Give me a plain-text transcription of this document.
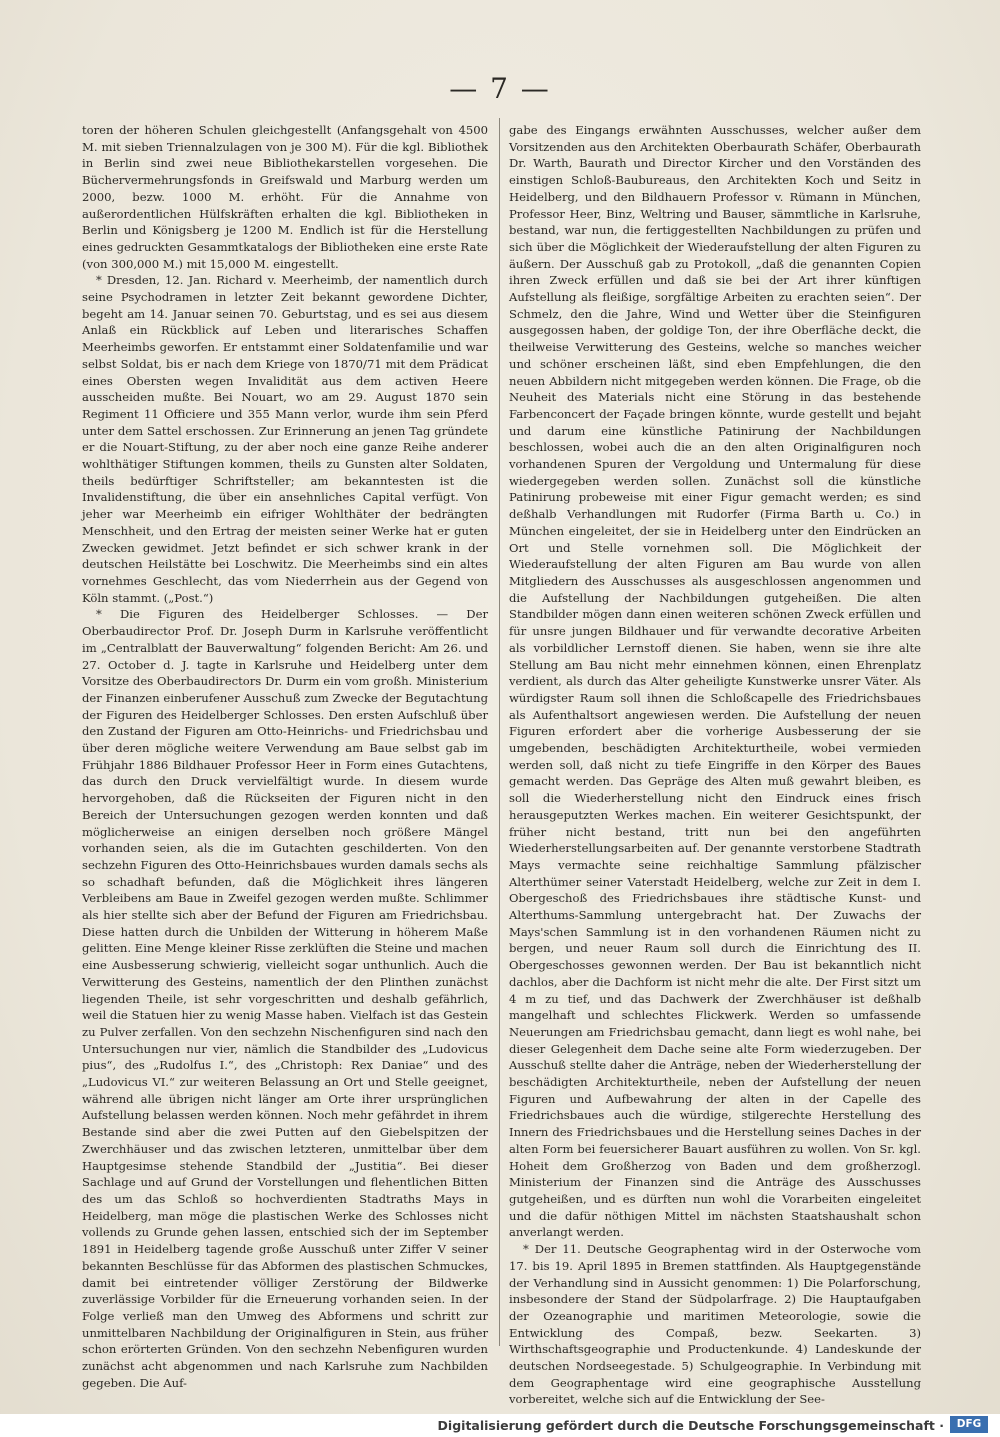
— 7 —

toren der höheren Schulen gleichgestellt (Anfangsgehalt von 4500 M. mit sieben Triennalzulagen von je 300 M). Für die kgl. Bibliothek in Berlin sind zwei neue Bibliothekarstellen vorgesehen. Die Büchervermehrungsfonds in Greifswald und Marburg werden um 2000, bezw. 1000 M. erhöht. Für die Annahme von außerordentlichen Hülfskräften erhalten die kgl. Bibliotheken in Berlin und Königsberg je 1200 M. Endlich ist für die Herstellung eines gedruckten Gesammtkatalogs der Bibliotheken eine erste Rate (von 300,000 M.) mit 15,000 M. eingestellt.

* Dresden, 12. Jan. Richard v. Meerheimb, der namentlich durch seine Psychodramen in letzter Zeit bekannt gewordene Dichter, begeht am 14. Januar seinen 70. Geburtstag, und es sei aus diesem Anlaß ein Rückblick auf Leben und literarisches Schaffen Meerheimbs geworfen. Er entstammt einer Soldatenfamilie und war selbst Soldat, bis er nach dem Kriege von 1870/71 mit dem Prädicat eines Obersten wegen Invalidität aus dem activen Heere ausscheiden mußte. Bei Nouart, wo am 29. August 1870 sein Regiment 11 Officiere und 355 Mann verlor, wurde ihm sein Pferd unter dem Sattel erschossen. Zur Erinnerung an jenen Tag gründete er die Nouart-Stiftung, zu der aber noch eine ganze Reihe anderer wohlthätiger Stiftungen kommen, theils zu Gunsten alter Soldaten, theils bedürftiger Schriftsteller; am bekanntesten ist die Invalidenstiftung, die über ein ansehnliches Capital verfügt. Von jeher war Meerheimb ein eifriger Wohlthäter der bedrängten Menschheit, und den Ertrag der meisten seiner Werke hat er guten Zwecken gewidmet. Jetzt befindet er sich schwer krank in der deutschen Heilstätte bei Loschwitz. Die Meerheimbs sind ein altes vornehmes Geschlecht, das vom Niederrhein aus der Gegend von Köln stammt. („Post.“)

* Die Figuren des Heidelberger Schlosses. — Der Oberbaudirector Prof. Dr. Joseph Durm in Karlsruhe veröffentlicht im „Centralblatt der Bauverwaltung“ folgenden Bericht: Am 26. und 27. October d. J. tagte in Karlsruhe und Heidelberg unter dem Vorsitze des Oberbaudirectors Dr. Durm ein vom großh. Ministerium der Finanzen einberufener Ausschuß zum Zwecke der Begutachtung der Figuren des Heidelberger Schlosses. Den ersten Aufschluß über den Zustand der Figuren am Otto-Heinrichs- und Friedrichsbau und über deren mögliche weitere Verwendung am Baue selbst gab im Frühjahr 1886 Bildhauer Professor Heer in Form eines Gutachtens, das durch den Druck vervielfältigt wurde. In diesem wurde hervorgehoben, daß die Rückseiten der Figuren nicht in den Bereich der Untersuchungen gezogen werden konnten und daß möglicherweise an einigen derselben noch größere Mängel vorhanden seien, als die im Gutachten geschilderten. Von den sechzehn Figuren des Otto-Heinrichsbaues wurden damals sechs als so schadhaft befunden, daß die Möglichkeit ihres längeren Verbleibens am Baue in Zweifel gezogen werden mußte. Schlimmer als hier stellte sich aber der Befund der Figuren am Friedrichsbau. Diese hatten durch die Unbilden der Witterung in höherem Maße gelitten. Eine Menge kleiner Risse zerklüften die Steine und machen eine Ausbesserung schwierig, vielleicht sogar unthunlich. Auch die Verwitterung des Gesteins, namentlich der den Plinthen zunächst liegenden Theile, ist sehr vorgeschritten und deshalb gefährlich, weil die Statuen hier zu wenig Masse haben. Vielfach ist das Gestein zu Pulver zerfallen. Von den sechzehn Nischenfiguren sind nach den Untersuchungen nur vier, nämlich die Standbilder des „Ludovicus pius“, des „Rudolfus I.“, des „Christoph: Rex Daniae“ und des „Ludovicus VI.“ zur weiteren Belassung an Ort und Stelle geeignet, während alle übrigen nicht länger am Orte ihrer ursprünglichen Aufstellung belassen werden können. Noch mehr gefährdet in ihrem Bestande sind aber die zwei Putten auf den Giebelspitzen der Zwerchhäuser und das zwischen letzteren, unmittelbar über dem Hauptgesimse stehende Standbild der „Justitia“. Bei dieser Sachlage und auf Grund der Vorstellungen und flehentlichen Bitten des um das Schloß so hochverdienten Stadtraths Mays in Heidelberg, man möge die plastischen Werke des Schlosses nicht vollends zu Grunde gehen lassen, entschied sich der im September 1891 in Heidelberg tagende große Ausschuß unter Ziffer V seiner bekannten Beschlüsse für das Abformen des plastischen Schmuckes, damit bei eintretender völliger Zerstörung der Bildwerke zuverlässige Vorbilder für die Erneuerung vorhanden seien. In der Folge verließ man den Umweg des Abformens und schritt zur unmittelbaren Nachbildung der Originalfiguren in Stein, aus früher schon erörterten Gründen. Von den sechzehn Nebenfiguren wurden zunächst acht abgenommen und nach Karlsruhe zum Nachbilden gegeben. Die Auf-

gabe des Eingangs erwähnten Ausschusses, welcher außer dem Vorsitzenden aus den Architekten Oberbaurath Schäfer, Oberbaurath Dr. Warth, Baurath und Director Kircher und den Vorständen des einstigen Schloß-Baubureaus, den Architekten Koch und Seitz in Heidelberg, und den Bildhauern Professor v. Rümann in München, Professor Heer, Binz, Weltring und Bauser, sämmtliche in Karlsruhe, bestand, war nun, die fertiggestellten Nachbildungen zu prüfen und sich über die Möglichkeit der Wiederaufstellung der alten Figuren zu äußern. Der Ausschuß gab zu Protokoll, „daß die genannten Copien ihren Zweck erfüllen und daß sie bei der Art ihrer künftigen Aufstellung als fleißige, sorgfältige Arbeiten zu erachten seien“. Der Schmelz, den die Jahre, Wind und Wetter über die Steinfiguren ausgegossen haben, der goldige Ton, der ihre Oberfläche deckt, die theilweise Verwitterung des Gesteins, welche so manches weicher und schöner erscheinen läßt, sind eben Empfehlungen, die den neuen Abbildern nicht mitgegeben werden können. Die Frage, ob die Neuheit des Materials nicht eine Störung in das bestehende Farbenconcert der Façade bringen könnte, wurde gestellt und bejaht und darum eine künstliche Patinirung der Nachbildungen beschlossen, wobei auch die an den alten Originalfiguren noch vorhandenen Spuren der Vergoldung und Untermalung für diese wiedergegeben werden sollen. Zunächst soll die künstliche Patinirung probeweise mit einer Figur gemacht werden; es sind deßhalb Verhandlungen mit Rudorfer (Firma Barth u. Co.) in München eingeleitet, der sie in Heidelberg unter den Eindrücken an Ort und Stelle vornehmen soll. Die Möglichkeit der Wiederaufstellung der alten Figuren am Bau wurde von allen Mitgliedern des Ausschusses als ausgeschlossen angenommen und die Aufstellung der Nachbildungen gutgeheißen. Die alten Standbilder mögen dann einen weiteren schönen Zweck erfüllen und für unsre jungen Bildhauer und für verwandte decorative Arbeiten als vorbildlicher Lernstoff dienen. Sie haben, wenn sie ihre alte Stellung am Bau nicht mehr einnehmen können, einen Ehrenplatz verdient, als durch das Alter geheiligte Kunstwerke unsrer Väter. Als würdigster Raum soll ihnen die Schloßcapelle des Friedrichsbaues als Aufenthaltsort angewiesen werden. Die Aufstellung der neuen Figuren erfordert aber die vorherige Ausbesserung der sie umgebenden, beschädigten Architekturtheile, wobei vermieden werden soll, daß nicht zu tiefe Eingriffe in den Körper des Baues gemacht werden. Das Gepräge des Alten muß gewahrt bleiben, es soll die Wiederherstellung nicht den Eindruck eines frisch herausgeputzten Werkes machen. Ein weiterer Gesichtspunkt, der früher nicht bestand, tritt nun bei den angeführten Wiederherstellungsarbeiten auf. Der genannte verstorbene Stadtrath Mays vermachte seine reichhaltige Sammlung pfälzischer Alterthümer seiner Vaterstadt Heidelberg, welche zur Zeit in dem I. Obergeschoß des Friedrichsbaues ihre städtische Kunst- und Alterthums-Sammlung untergebracht hat. Der Zuwachs der Mays'schen Sammlung ist in den vorhandenen Räumen nicht zu bergen, und neuer Raum soll durch die Einrichtung des II. Obergeschosses gewonnen werden. Der Bau ist bekanntlich nicht dachlos, aber die Dachform ist nicht mehr die alte. Der First sitzt um 4 m zu tief, und das Dachwerk der Zwerchhäuser ist deßhalb mangelhaft und schlechtes Flickwerk. Werden so umfassende Neuerungen am Friedrichsbau gemacht, dann liegt es wohl nahe, bei dieser Gelegenheit dem Dache seine alte Form wiederzugeben. Der Ausschuß stellte daher die Anträge, neben der Wiederherstellung der beschädigten Architekturtheile, neben der Aufstellung der neuen Figuren und Aufbewahrung der alten in der Capelle des Friedrichsbaues auch die würdige, stilgerechte Herstellung des Innern des Friedrichsbaues und die Herstellung seines Daches in der alten Form bei feuersicherer Bauart ausführen zu wollen. Von Sr. kgl. Hoheit dem Großherzog von Baden und dem großherzogl. Ministerium der Finanzen sind die Anträge des Ausschusses gutgeheißen, und es dürften nun wohl die Vorarbeiten eingeleitet und die dafür nöthigen Mittel im nächsten Staatshaushalt schon anverlangt werden.

* Der 11. Deutsche Geographentag wird in der Osterwoche vom 17. bis 19. April 1895 in Bremen stattfinden. Als Hauptgegenstände der Verhandlung sind in Aussicht genommen: 1) Die Polarforschung, insbesondere der Stand der Südpolarfrage. 2) Die Hauptaufgaben der Ozeanographie und maritimen Meteorologie, sowie die Entwicklung des Compaß, bezw. Seekarten. 3) Wirthschaftsgeographie und Productenkunde. 4) Landeskunde der deutschen Nordseegestade. 5) Schulgeographie. In Verbindung mit dem Geographentage wird eine geographische Ausstellung vorbereitet, welche sich auf die Entwicklung der See-

Digitalisierung gefördert durch die Deutsche Forschungsgemeinschaft ·	DFG
